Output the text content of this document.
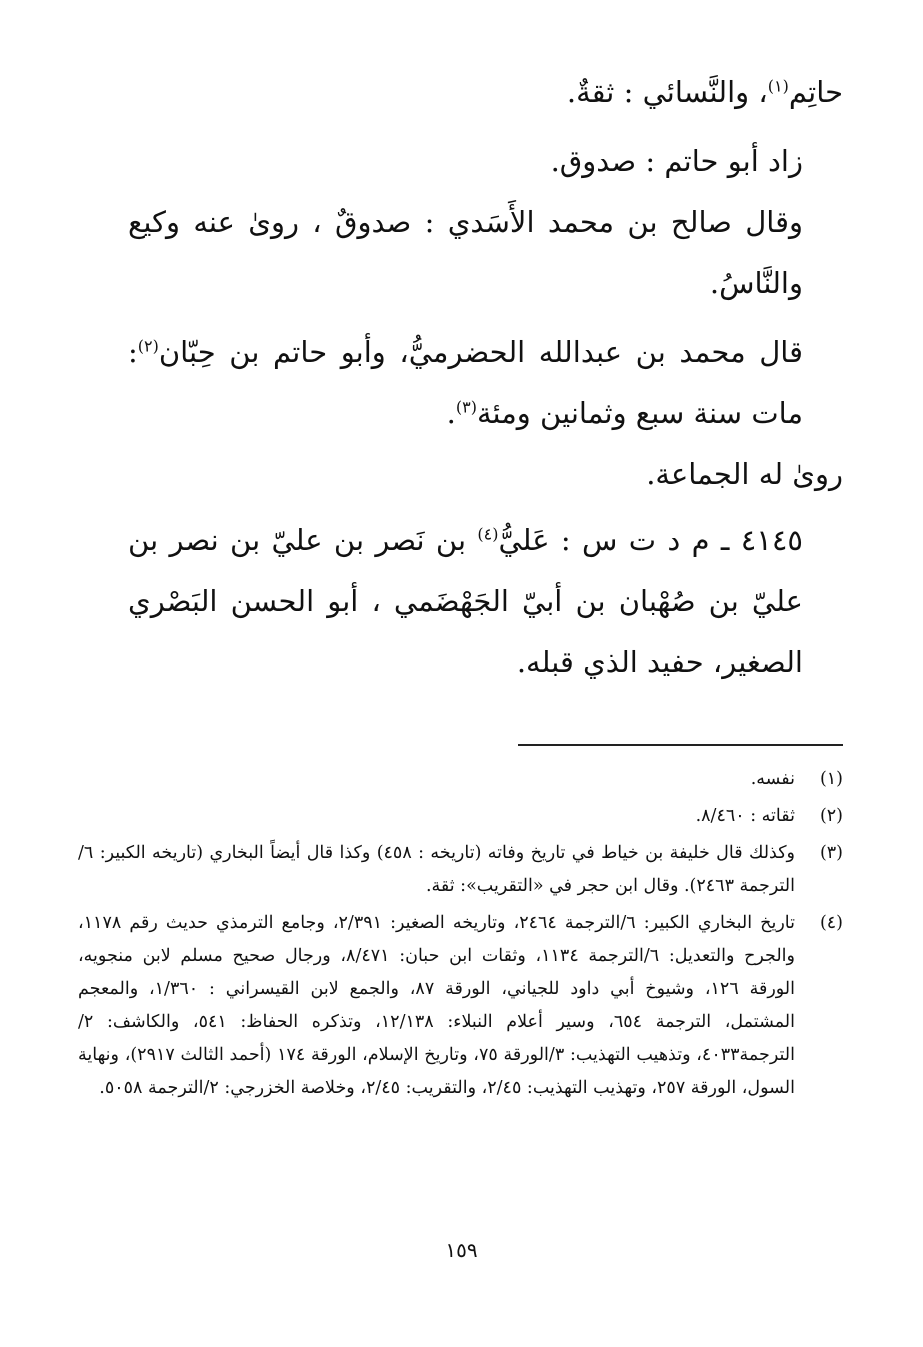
حاتِم$^{(١)}$، والنَّسائي : ثقةٌ.

زاد أبو حاتم : صدوق.

وقال صالح بن محمد الأَسَدي : صدوقٌ ، روىٰ عنه وكيع والنَّاسُ.

قال محمد بن عبدالله الحضرميُّ، وأبو حاتم بن حِبّان$^{(٢)}$: مات سنة سبع وثمانين ومئة$^{(٣)}$.

روىٰ له الجماعة.

٤١٤٥ ـ م د ت س : عَليُّ$^{(٤)}$ بن نَصر بن عليّ بن نصر بن عليّ بن صُهْبان بن أبيّ الجَهْضَمي ، أبو الحسن البَصْري الصغير، حفيد الذي قبله.

(١)
نفسه.
(٢)
ثقاته : ٨/٤٦٠.
(٣)
وكذلك قال خليفة بن خياط في تاريخ وفاته (تاريخه : ٤٥٨) وكذا قال أيضاً البخاري (تاريخه الكبير: ٦/الترجمة ٢٤٦٣). وقال ابن حجر في «التقريب»: ثقة.
(٤)
تاريخ البخاري الكبير: ٦/الترجمة ٢٤٦٤، وتاريخه الصغير: ٢/٣٩١، وجامع الترمذي حديث رقم ١١٧٨، والجرح والتعديل: ٦/الترجمة ١١٣٤، وثقات ابن حبان: ٨/٤٧١، ورجال صحيح مسلم لابن منجويه، الورقة ١٢٦، وشيوخ أبي داود للجياني، الورقة ٨٧، والجمع لابن القيسراني : ١/٣٦٠، والمعجم المشتمل، الترجمة ٦٥٤، وسير أعلام النبلاء: ١٢/١٣٨، وتذكره الحفاظ: ٥٤١، والكاشف: ٢/الترجمة٤٠٣٣، وتذهيب التهذيب: ٣/الورقة ٧٥، وتاريخ الإسلام، الورقة ١٧٤ (أحمد الثالث ٢٩١٧)، ونهاية السول، الورقة ٢٥٧، وتهذيب التهذيب: ٢/٤٥، والتقريب: ٢/٤٥، وخلاصة الخزرجي: ٢/الترجمة ٥٠٥٨.
١٥٩
